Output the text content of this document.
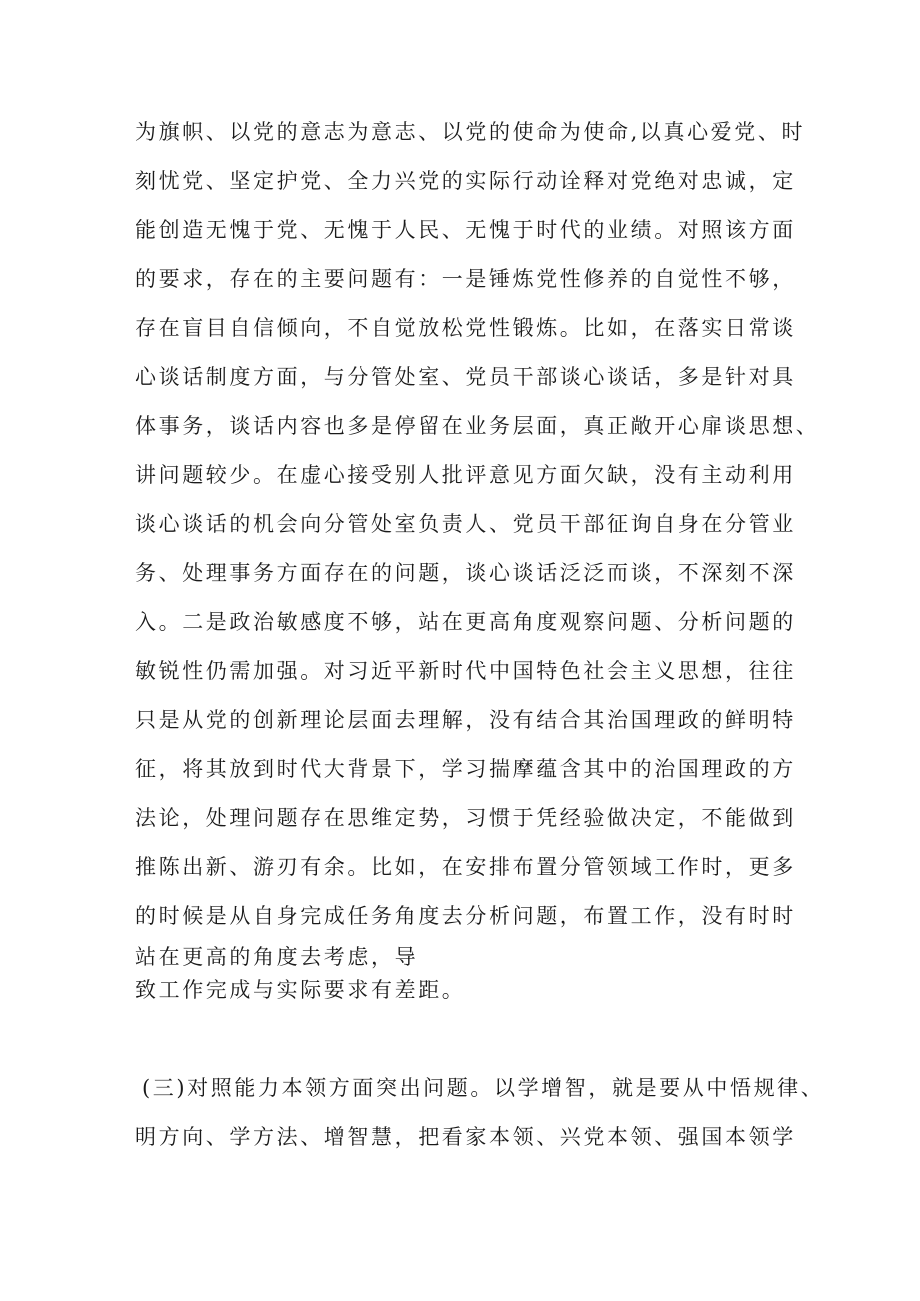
为旗帜、以党的意志为意志、以党的使命为使命,以真心爱党、时

刻忧党、坚定护党、全力兴党的实际行动诠释对党绝对忠诚，定

能创造无愧于党、无愧于人民、无愧于时代的业绩。对照该方面

的要求，存在的主要问题有：一是锤炼党性修养的自觉性不够，

存在盲目自信倾向，不自觉放松党性锻炼。比如，在落实日常谈

心谈话制度方面，与分管处室、党员干部谈心谈话，多是针对具

体事务，谈话内容也多是停留在业务层面，真正敞开心扉谈思想、

讲问题较少。在虚心接受别人批评意见方面欠缺，没有主动利用

谈心谈话的机会向分管处室负责人、党员干部征询自身在分管业

务、处理事务方面存在的问题，谈心谈话泛泛而谈，不深刻不深

入。二是政治敏感度不够，站在更高角度观察问题、分析问题的

敏锐性仍需加强。对习近平新时代中国特色社会主义思想，往往

只是从党的创新理论层面去理解，没有结合其治国理政的鲜明特

征，将其放到时代大背景下，学习揣摩蕴含其中的治国理政的方

法论，处理问题存在思维定势，习惯于凭经验做决定，不能做到

推陈出新、游刃有余。比如，在安排布置分管领域工作时，更多

的时候是从自身完成任务角度去分析问题，布置工作，没有时时

站在更高的角度去考虑，导

致工作完成与实际要求有差距。

(三)对照能力本领方面突出问题。以学增智，就是要从中悟规律、

明方向、学方法、增智慧，把看家本领、兴党本领、强国本领学
